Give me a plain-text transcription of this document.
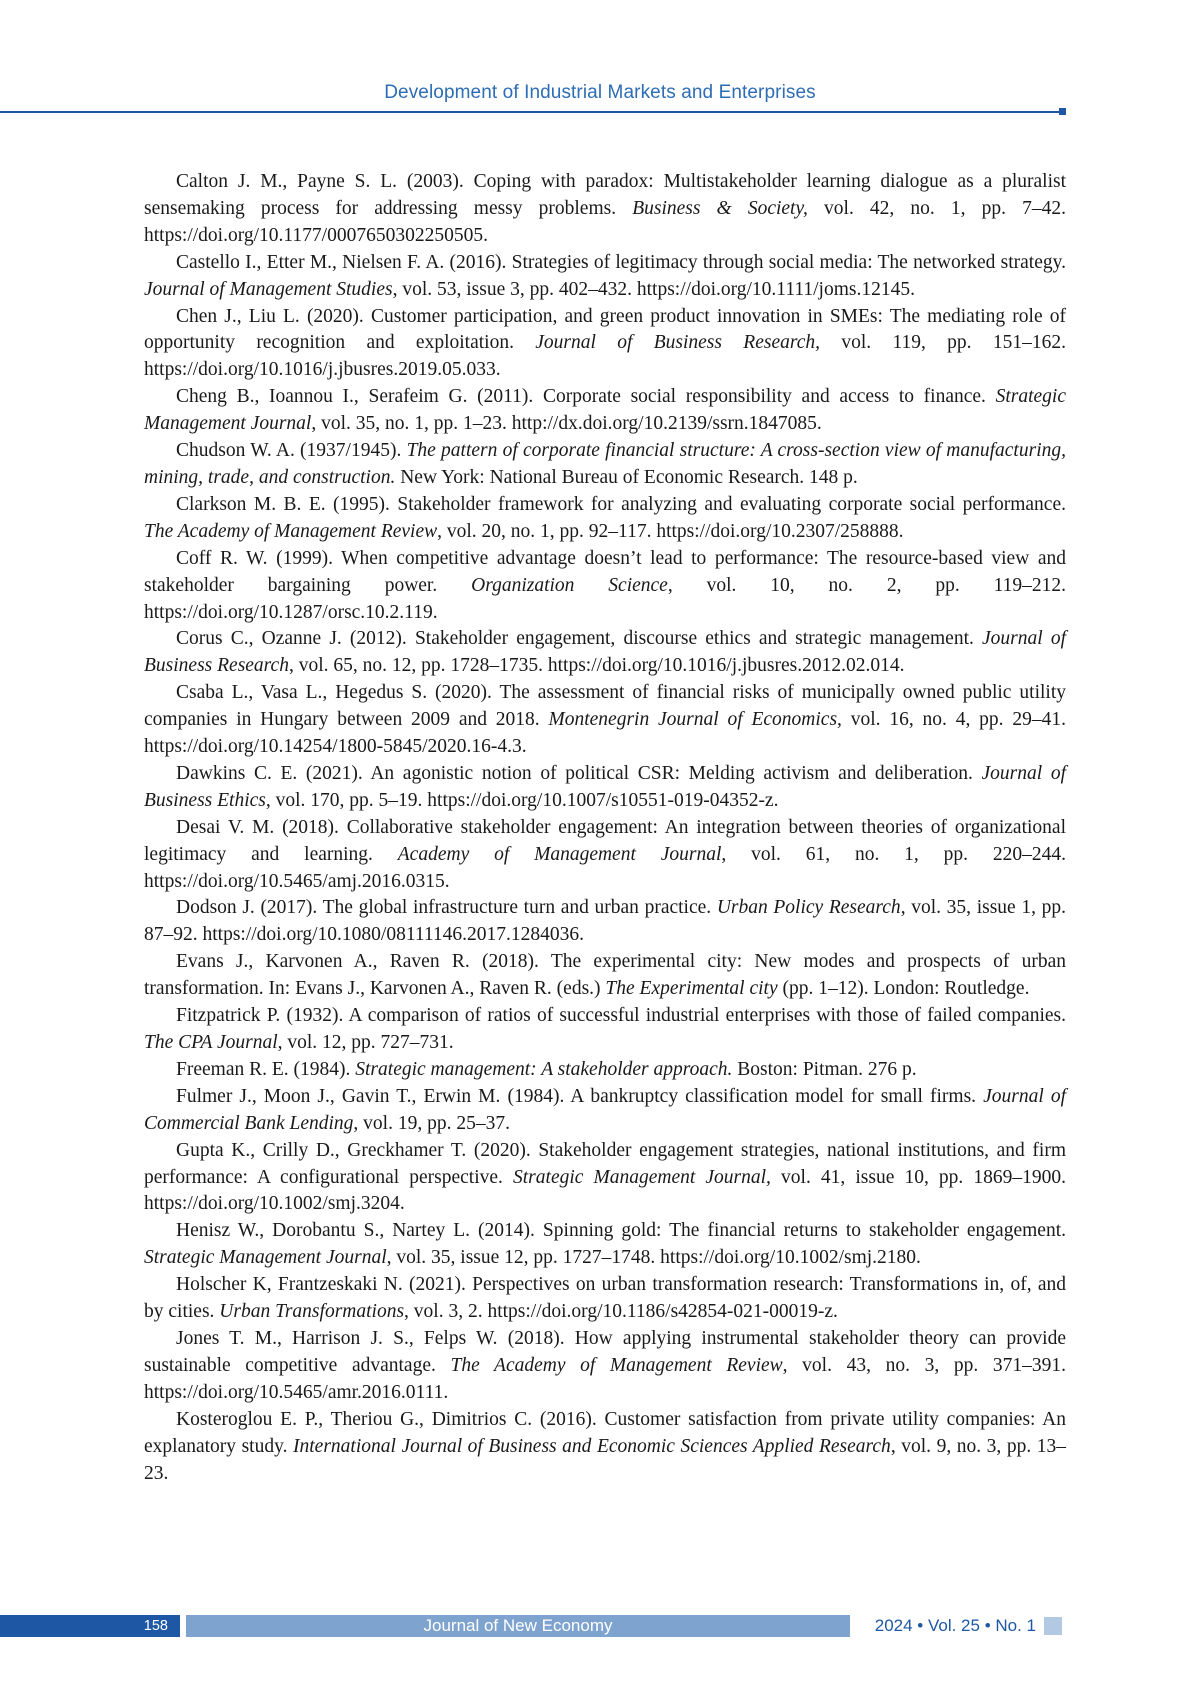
Development of Industrial Markets and Enterprises

Calton J. M., Payne S. L. (2003). Coping with paradox: Multistakeholder learning dialogue as a pluralist sensemaking process for addressing messy problems. Business & Society, vol. 42, no. 1, pp. 7–42. https://doi.org/10.1177/0007650302250505.

Castello I., Etter M., Nielsen F. A. (2016). Strategies of legitimacy through social media: The networked strategy. Journal of Management Studies, vol. 53, issue 3, pp. 402–432. https://doi.org/10.1111/joms.12145.

Chen J., Liu L. (2020). Customer participation, and green product innovation in SMEs: The mediating role of opportunity recognition and exploitation. Journal of Business Research, vol. 119, pp. 151–162. https://doi.org/10.1016/j.jbusres.2019.05.033.

Cheng B., Ioannou I., Serafeim G. (2011). Corporate social responsibility and access to finance. Strategic Management Journal, vol. 35, no. 1, pp. 1–23. http://dx.doi.org/10.2139/ssrn.1847085.

Chudson W. A. (1937/1945). The pattern of corporate financial structure: A cross-section view of manufacturing, mining, trade, and construction. New York: National Bureau of Economic Research. 148 p.

Clarkson M. B. E. (1995). Stakeholder framework for analyzing and evaluating corporate social performance. The Academy of Management Review, vol. 20, no. 1, pp. 92–117. https://doi.org/10.2307/258888.

Coff R. W. (1999). When competitive advantage doesn’t lead to performance: The resource-based view and stakeholder bargaining power. Organization Science, vol. 10, no. 2, pp. 119–212. https://doi.org/10.1287/orsc.10.2.119.

Corus C., Ozanne J. (2012). Stakeholder engagement, discourse ethics and strategic management. Journal of Business Research, vol. 65, no. 12, pp. 1728–1735. https://doi.org/10.1016/j.jbusres.2012.02.014.

Csaba L., Vasa L., Hegedus S. (2020). The assessment of financial risks of municipally owned public utility companies in Hungary between 2009 and 2018. Montenegrin Journal of Economics, vol. 16, no. 4, pp. 29–41. https://doi.org/10.14254/1800-5845/2020.16-4.3.

Dawkins C. E. (2021). An agonistic notion of political CSR: Melding activism and deliberation. Journal of Business Ethics, vol. 170, pp. 5–19. https://doi.org/10.1007/s10551-019-04352-z.

Desai V. M. (2018). Collaborative stakeholder engagement: An integration between theories of organizational legitimacy and learning. Academy of Management Journal, vol. 61, no. 1, pp. 220–244. https://doi.org/10.5465/amj.2016.0315.

Dodson J. (2017). The global infrastructure turn and urban practice. Urban Policy Research, vol. 35, issue 1, pp. 87–92. https://doi.org/10.1080/08111146.2017.1284036.

Evans J., Karvonen A., Raven R. (2018). The experimental city: New modes and prospects of urban transformation. In: Evans J., Karvonen A., Raven R. (eds.) The Experimental city (pp. 1–12). London: Routledge.

Fitzpatrick P. (1932). A comparison of ratios of successful industrial enterprises with those of failed companies. The CPA Journal, vol. 12, pp. 727–731.

Freeman R. E. (1984). Strategic management: A stakeholder approach. Boston: Pitman. 276 p.

Fulmer J., Moon J., Gavin T., Erwin M. (1984). A bankruptcy classification model for small firms. Journal of Commercial Bank Lending, vol. 19, pp. 25–37.

Gupta K., Crilly D., Greckhamer T. (2020). Stakeholder engagement strategies, national institutions, and firm performance: A configurational perspective. Strategic Management Journal, vol. 41, issue 10, pp. 1869–1900. https://doi.org/10.1002/smj.3204.

Henisz W., Dorobantu S., Nartey L. (2014). Spinning gold: The financial returns to stakeholder engagement. Strategic Management Journal, vol. 35, issue 12, pp. 1727–1748. https://doi.org/10.1002/smj.2180.

Holscher K, Frantzeskaki N. (2021). Perspectives on urban transformation research: Transformations in, of, and by cities. Urban Transformations, vol. 3, 2. https://doi.org/10.1186/s42854-021-00019-z.

Jones T. M., Harrison J. S., Felps W. (2018). How applying instrumental stakeholder theory can provide sustainable competitive advantage. The Academy of Management Review, vol. 43, no. 3, pp. 371–391. https://doi.org/10.5465/amr.2016.0111.

Kosteroglou E. P., Theriou G., Dimitrios C. (2016). Customer satisfaction from private utility companies: An explanatory study. International Journal of Business and Economic Sciences Applied Research, vol. 9, no. 3, pp. 13–23.

158	Journal of New Economy	2024 • Vol. 25 • No. 1
